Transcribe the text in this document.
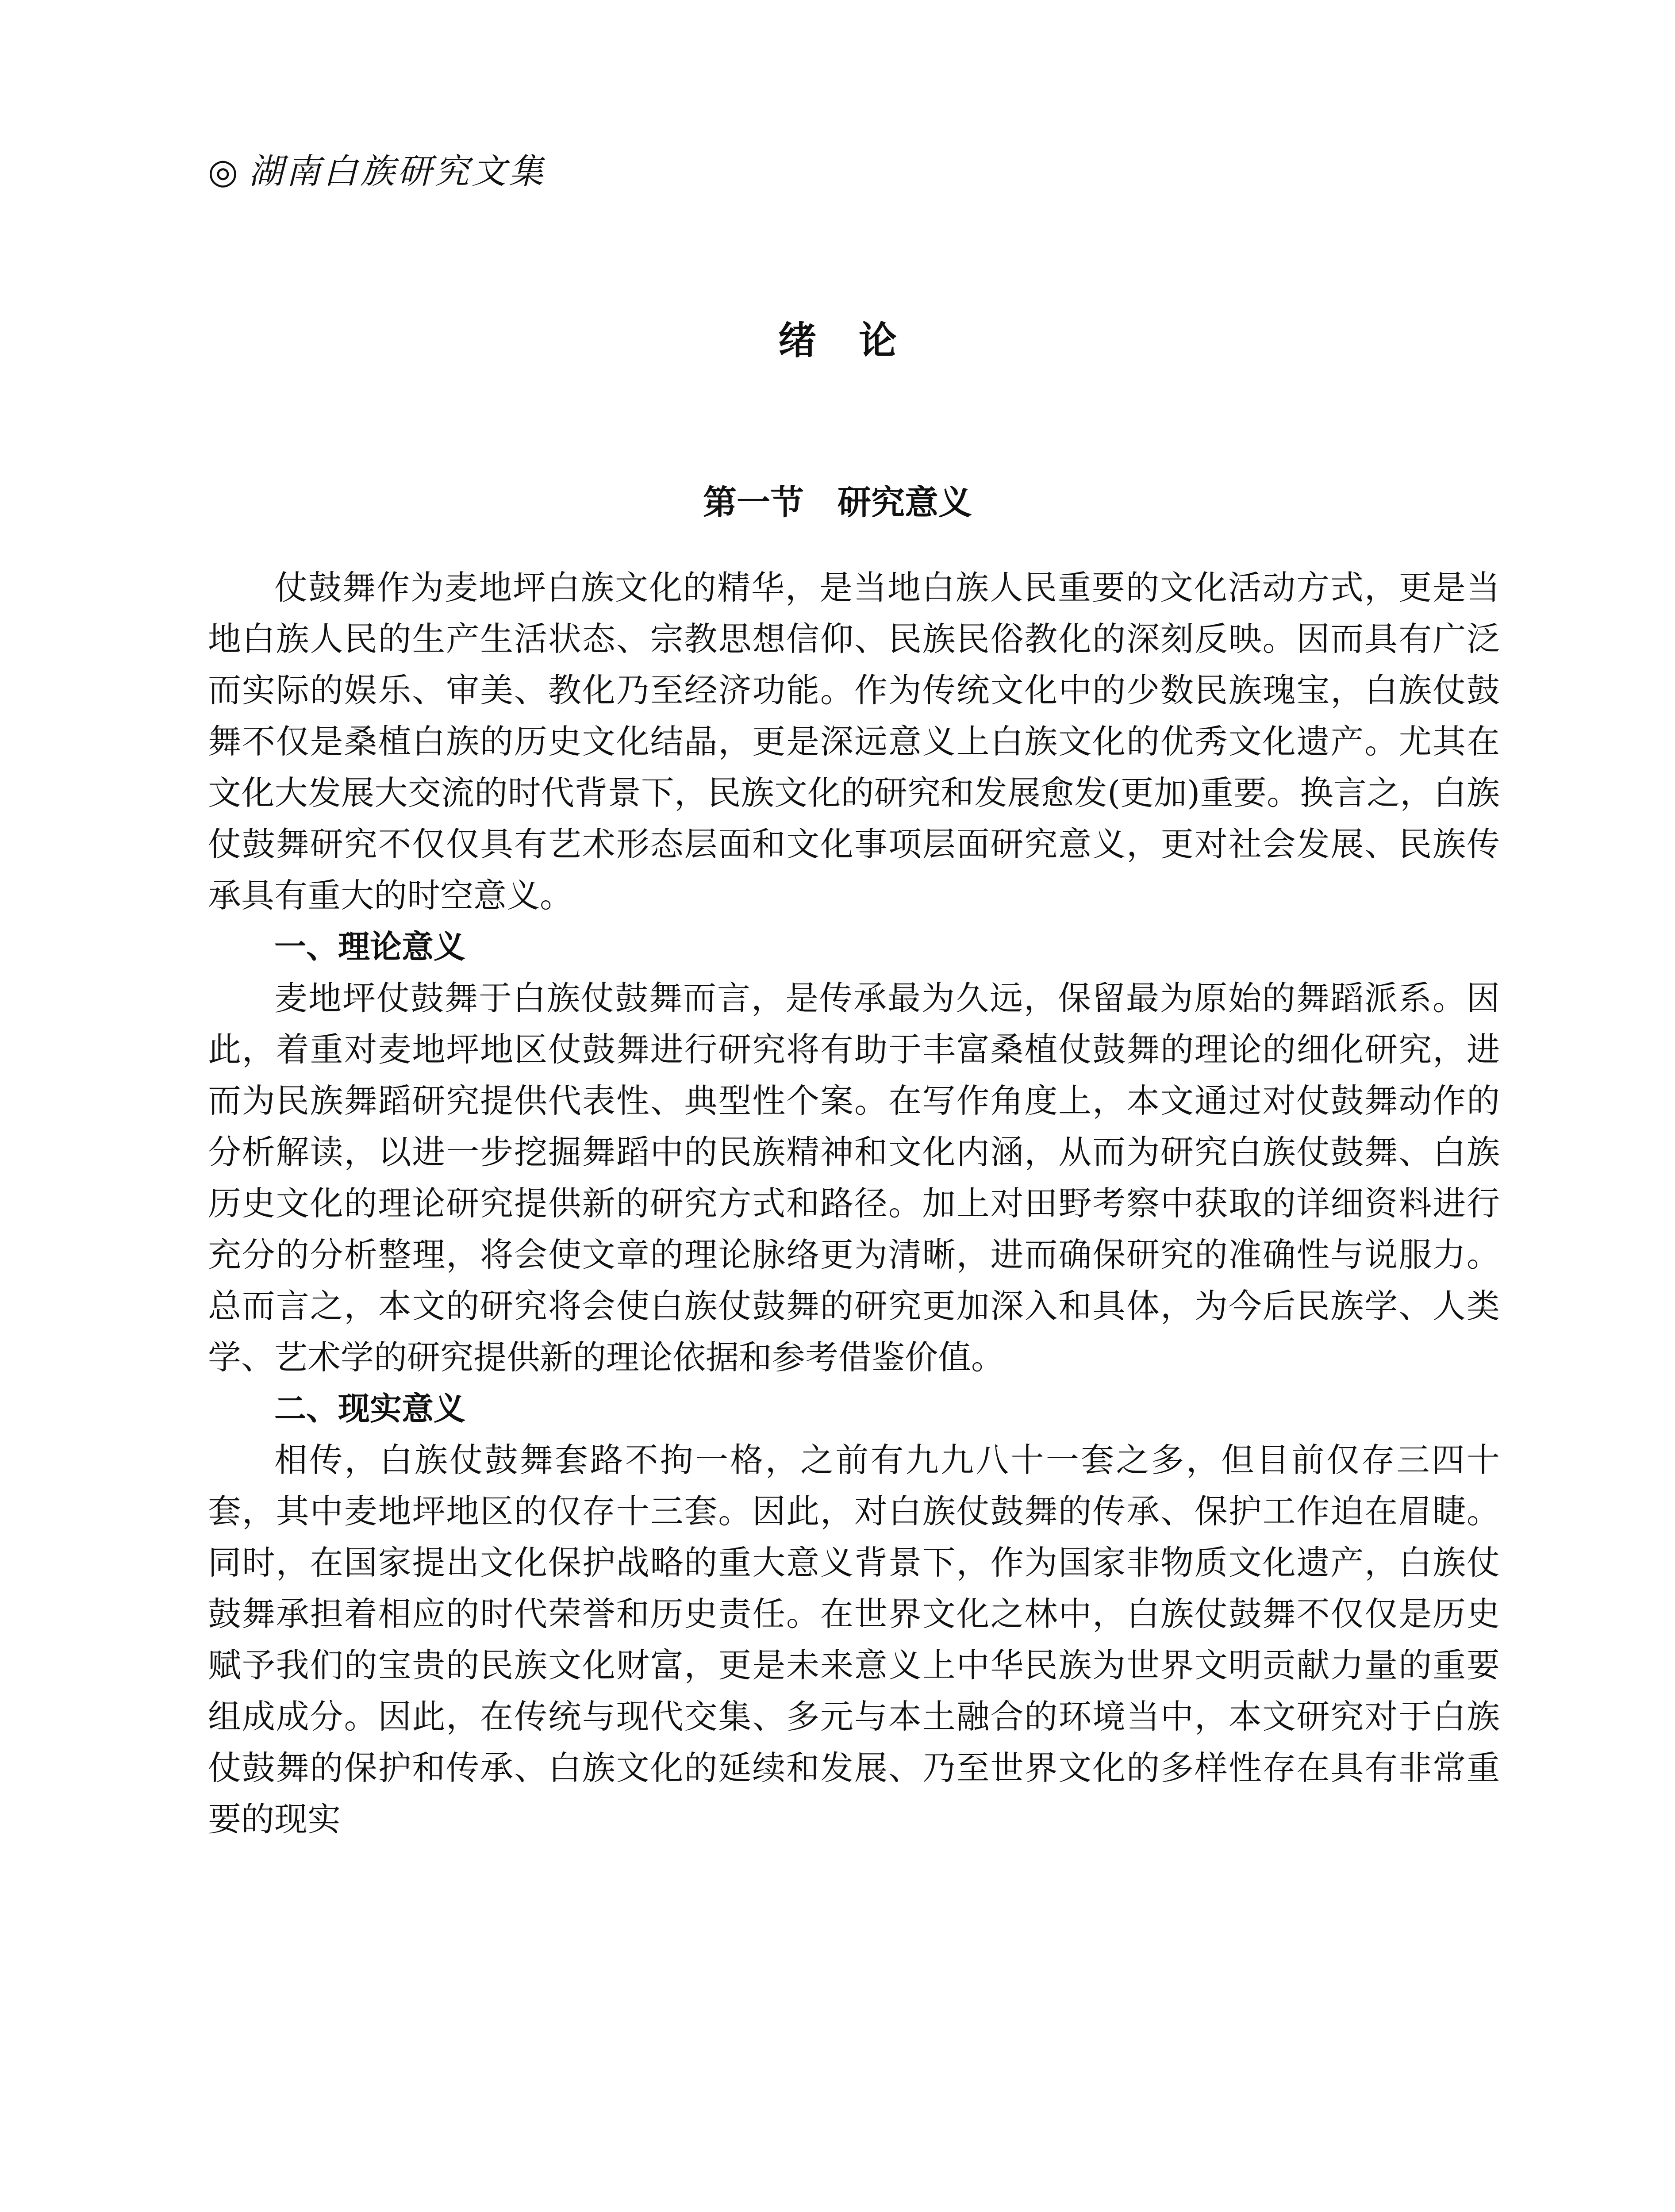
◎ 湖南白族研究文集
绪论
第一节　研究意义

仗鼓舞作为麦地坪白族文化的精华，是当地白族人民重要的文化活动方式，更是当地白族人民的生产生活状态、宗教思想信仰、民族民俗教化的深刻反映。因而具有广泛而实际的娱乐、审美、教化乃至经济功能。作为传统文化中的少数民族瑰宝，白族仗鼓舞不仅是桑植白族的历史文化结晶，更是深远意义上白族文化的优秀文化遗产。尤其在文化大发展大交流的时代背景下，民族文化的研究和发展愈发(更加)重要。换言之，白族仗鼓舞研究不仅仅具有艺术形态层面和文化事项层面研究意义，更对社会发展、民族传承具有重大的时空意义。

一、理论意义

麦地坪仗鼓舞于白族仗鼓舞而言，是传承最为久远，保留最为原始的舞蹈派系。因此，着重对麦地坪地区仗鼓舞进行研究将有助于丰富桑植仗鼓舞的理论的细化研究，进而为民族舞蹈研究提供代表性、典型性个案。在写作角度上，本文通过对仗鼓舞动作的分析解读，以进一步挖掘舞蹈中的民族精神和文化内涵，从而为研究白族仗鼓舞、白族历史文化的理论研究提供新的研究方式和路径。加上对田野考察中获取的详细资料进行充分的分析整理，将会使文章的理论脉络更为清晰，进而确保研究的准确性与说服力。总而言之，本文的研究将会使白族仗鼓舞的研究更加深入和具体，为今后民族学、人类学、艺术学的研究提供新的理论依据和参考借鉴价值。

二、现实意义

相传，白族仗鼓舞套路不拘一格，之前有九九八十一套之多，但目前仅存三四十套，其中麦地坪地区的仅存十三套。因此，对白族仗鼓舞的传承、保护工作迫在眉睫。同时，在国家提出文化保护战略的重大意义背景下，作为国家非物质文化遗产，白族仗鼓舞承担着相应的时代荣誉和历史责任。在世界文化之林中，白族仗鼓舞不仅仅是历史赋予我们的宝贵的民族文化财富，更是未来意义上中华民族为世界文明贡献力量的重要组成成分。因此，在传统与现代交集、多元与本土融合的环境当中，本文研究对于白族仗鼓舞的保护和传承、白族文化的延续和发展、乃至世界文化的多样性存在具有非常重要的现实
